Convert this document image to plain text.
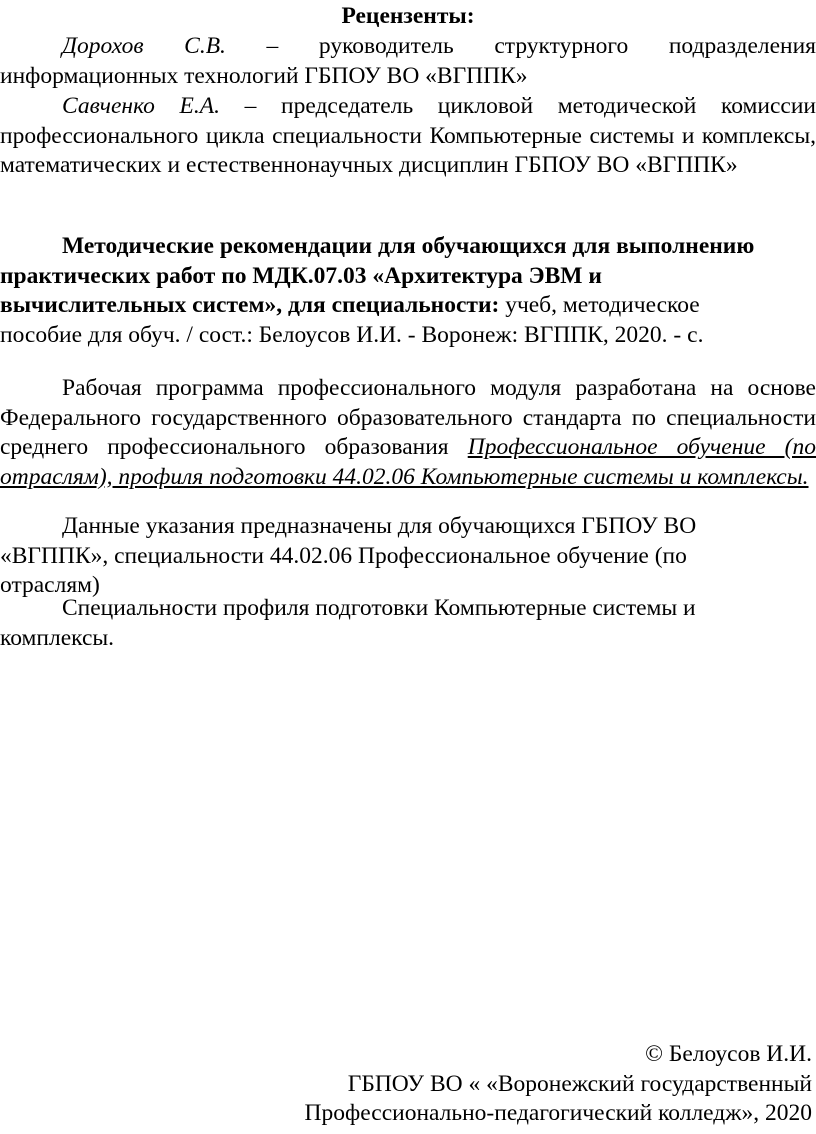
Рецензенты:

Дорохов С.В. – руководитель структурного подразделения информационных технологий ГБПОУ ВО «ВГППК»

Савченко Е.А. – председатель цикловой методической комиссии профессионального цикла специальности Компьютерные системы и комплексы, математических и естественнонаучных дисциплин ГБПОУ ВО «ВГППК»

Методические рекомендации для обучающихся для выполнению практических работ по МДК.07.03 «Архитектура ЭВМ и вычислительных систем», для специальности: учеб, методическое пособие для обуч. / сост.: Белоусов И.И. - Воронеж: ВГППК, 2020. - с.

Рабочая программа профессионального модуля разработана на основе Федерального государственного образовательного стандарта по специальности среднего профессионального образования Профессиональное обучение (по отраслям), профиля подготовки 44.02.06 Компьютерные системы и комплексы.

Данные указания предназначены для обучающихся ГБПОУ ВО «ВГППК», специальности 44.02.06 Профессиональное обучение (по отраслям)

Специальности профиля подготовки Компьютерные системы и комплексы.

© Белоусов И.И.

ГБПОУ ВО « «Воронежский государственный

Профессионально-педагогический колледж», 2020
